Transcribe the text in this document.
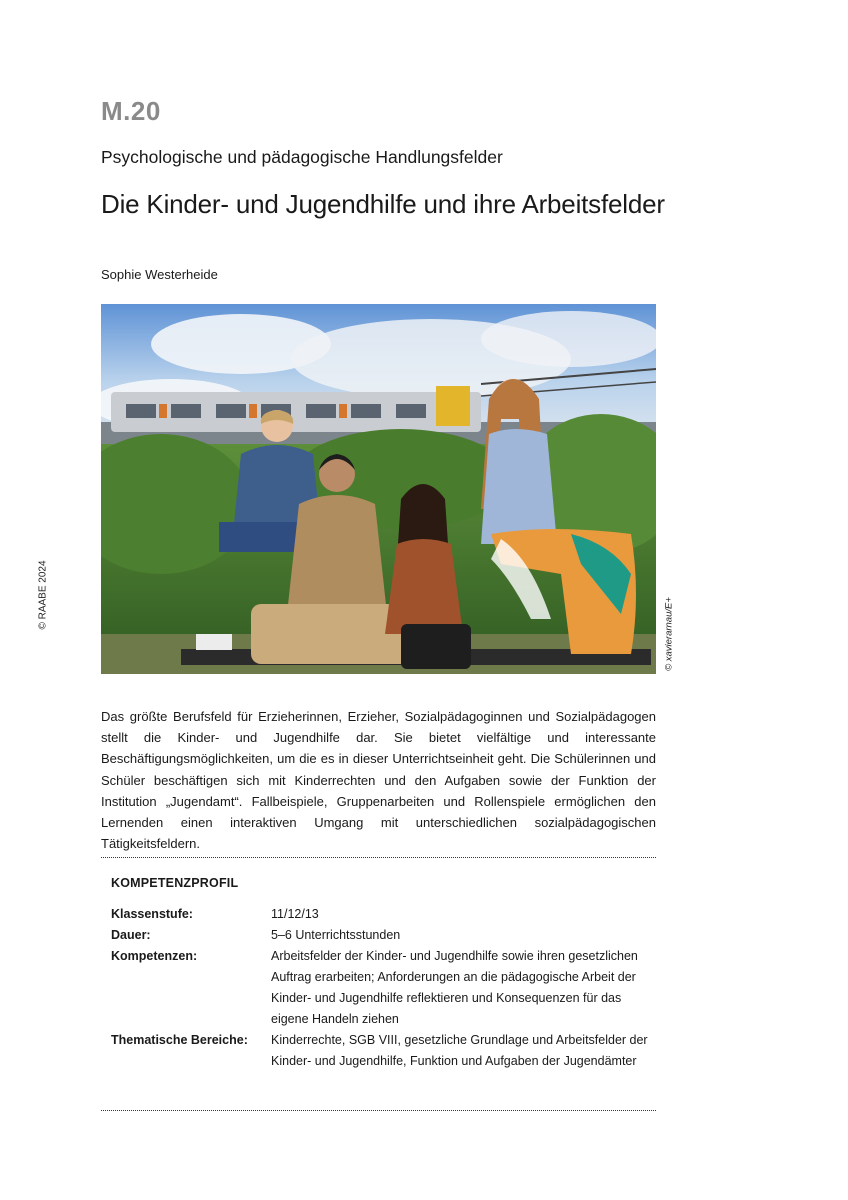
M.20
Psychologische und pädagogische Handlungsfelder
Die Kinder- und Jugendhilfe und ihre Arbeitsfelder
Sophie Westerheide
© RAABE 2024
© xavierarnau/E+
Das größte Berufsfeld für Erzieherinnen, Erzieher, Sozialpädagoginnen und Sozialpädagogen stellt die Kinder- und Jugendhilfe dar. Sie bietet vielfältige und interessante Beschäftigungsmöglichkeiten, um die es in dieser Unterrichtseinheit geht. Die Schülerinnen und Schüler beschäftigen sich mit Kinderrechten und den Aufgaben sowie der Funktion der Institution „Jugendamt“. Fallbeispiele, Gruppenarbeiten und Rollenspiele ermöglichen den Lernenden einen interaktiven Umgang mit unterschiedlichen sozialpädagogischen Tätigkeitsfeldern.
KOMPETENZPROFIL
Klassenstufe:	11/12/13
Dauer:	5–6 Unterrichtsstunden
Kompetenzen:	Arbeitsfelder der Kinder- und Jugendhilfe sowie ihren gesetzlichen Auftrag erarbeiten; Anforderungen an die pädagogische Arbeit der Kinder- und Jugendhilfe reflektieren und Konsequenzen für das eigene Handeln ziehen
Thematische Bereiche:	Kinderrechte, SGB VIII, gesetzliche Grundlage und Arbeitsfelder der Kinder- und Jugendhilfe, Funktion und Aufgaben der Jugendämter
